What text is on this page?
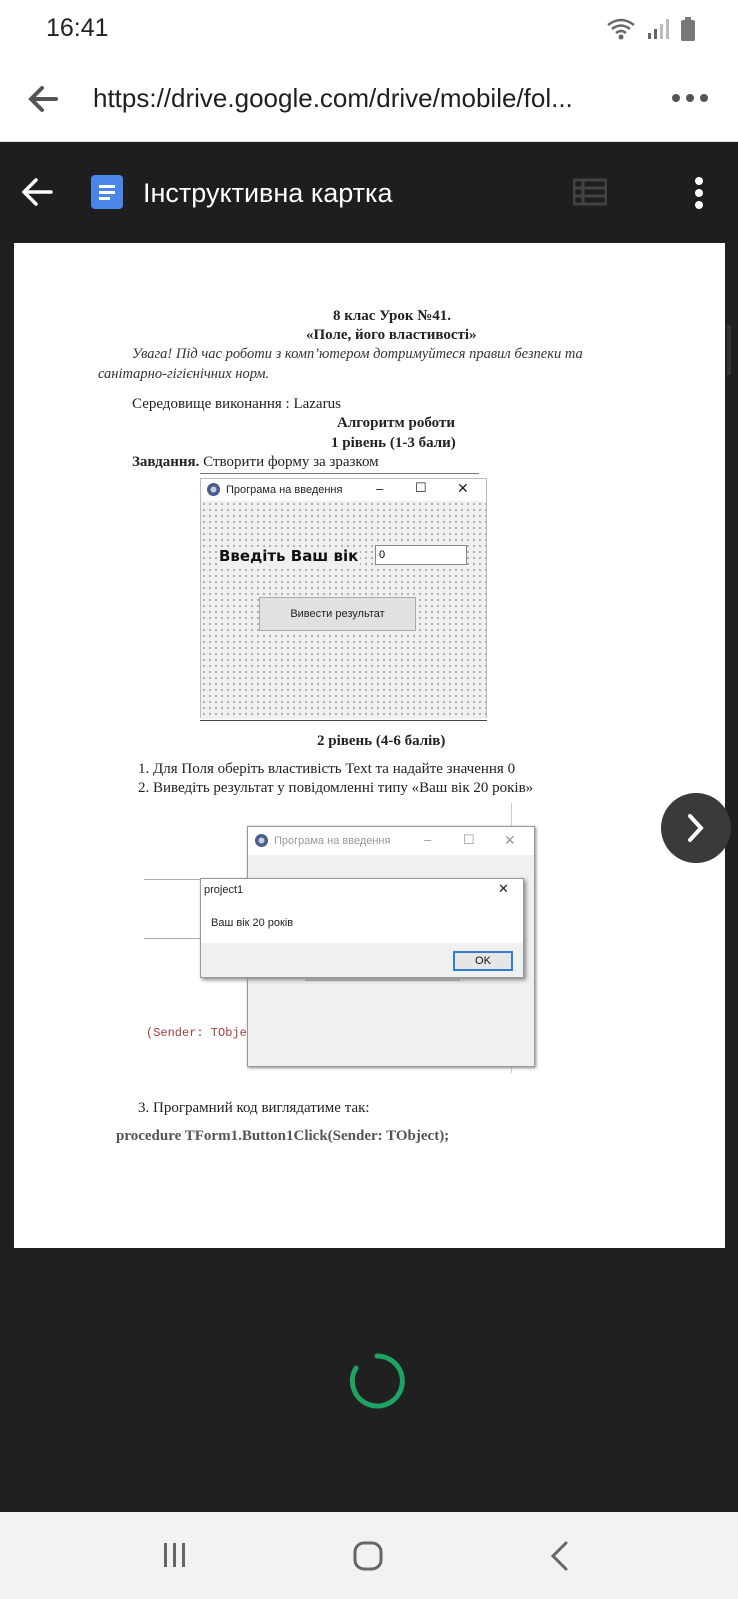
16:41
https://drive.google.com/drive/mobile/fol...
Інструктивна картка
8 клас Урок №41.
«Поле, його властивості»
Увага! Під час роботи з комп’ютером дотримуйтеся правил безпеки та
санітарно-гігієнічних норм.
Середовище виконання : Lazarus
Алгоритм роботи
1 рівень (1-3 бали)
Завдання. Створити форму за зразком
Програма на введення	– ☐ ✕
Введіть Ваш вік	0
Вивести результат
2 рівень (4-6 балів)
1. Для Поля оберіть властивість Text та надайте значення 0
2. Виведіть результат у повідомленні типу «Ваш вік 20 років»
(Sender: TObje
Програма на введення	– ☐ ✕
project1	✕
Ваш вік 20 років
OK
3. Програмний код виглядатиме так:
procedure TForm1.Button1Click(Sender: TObject);
